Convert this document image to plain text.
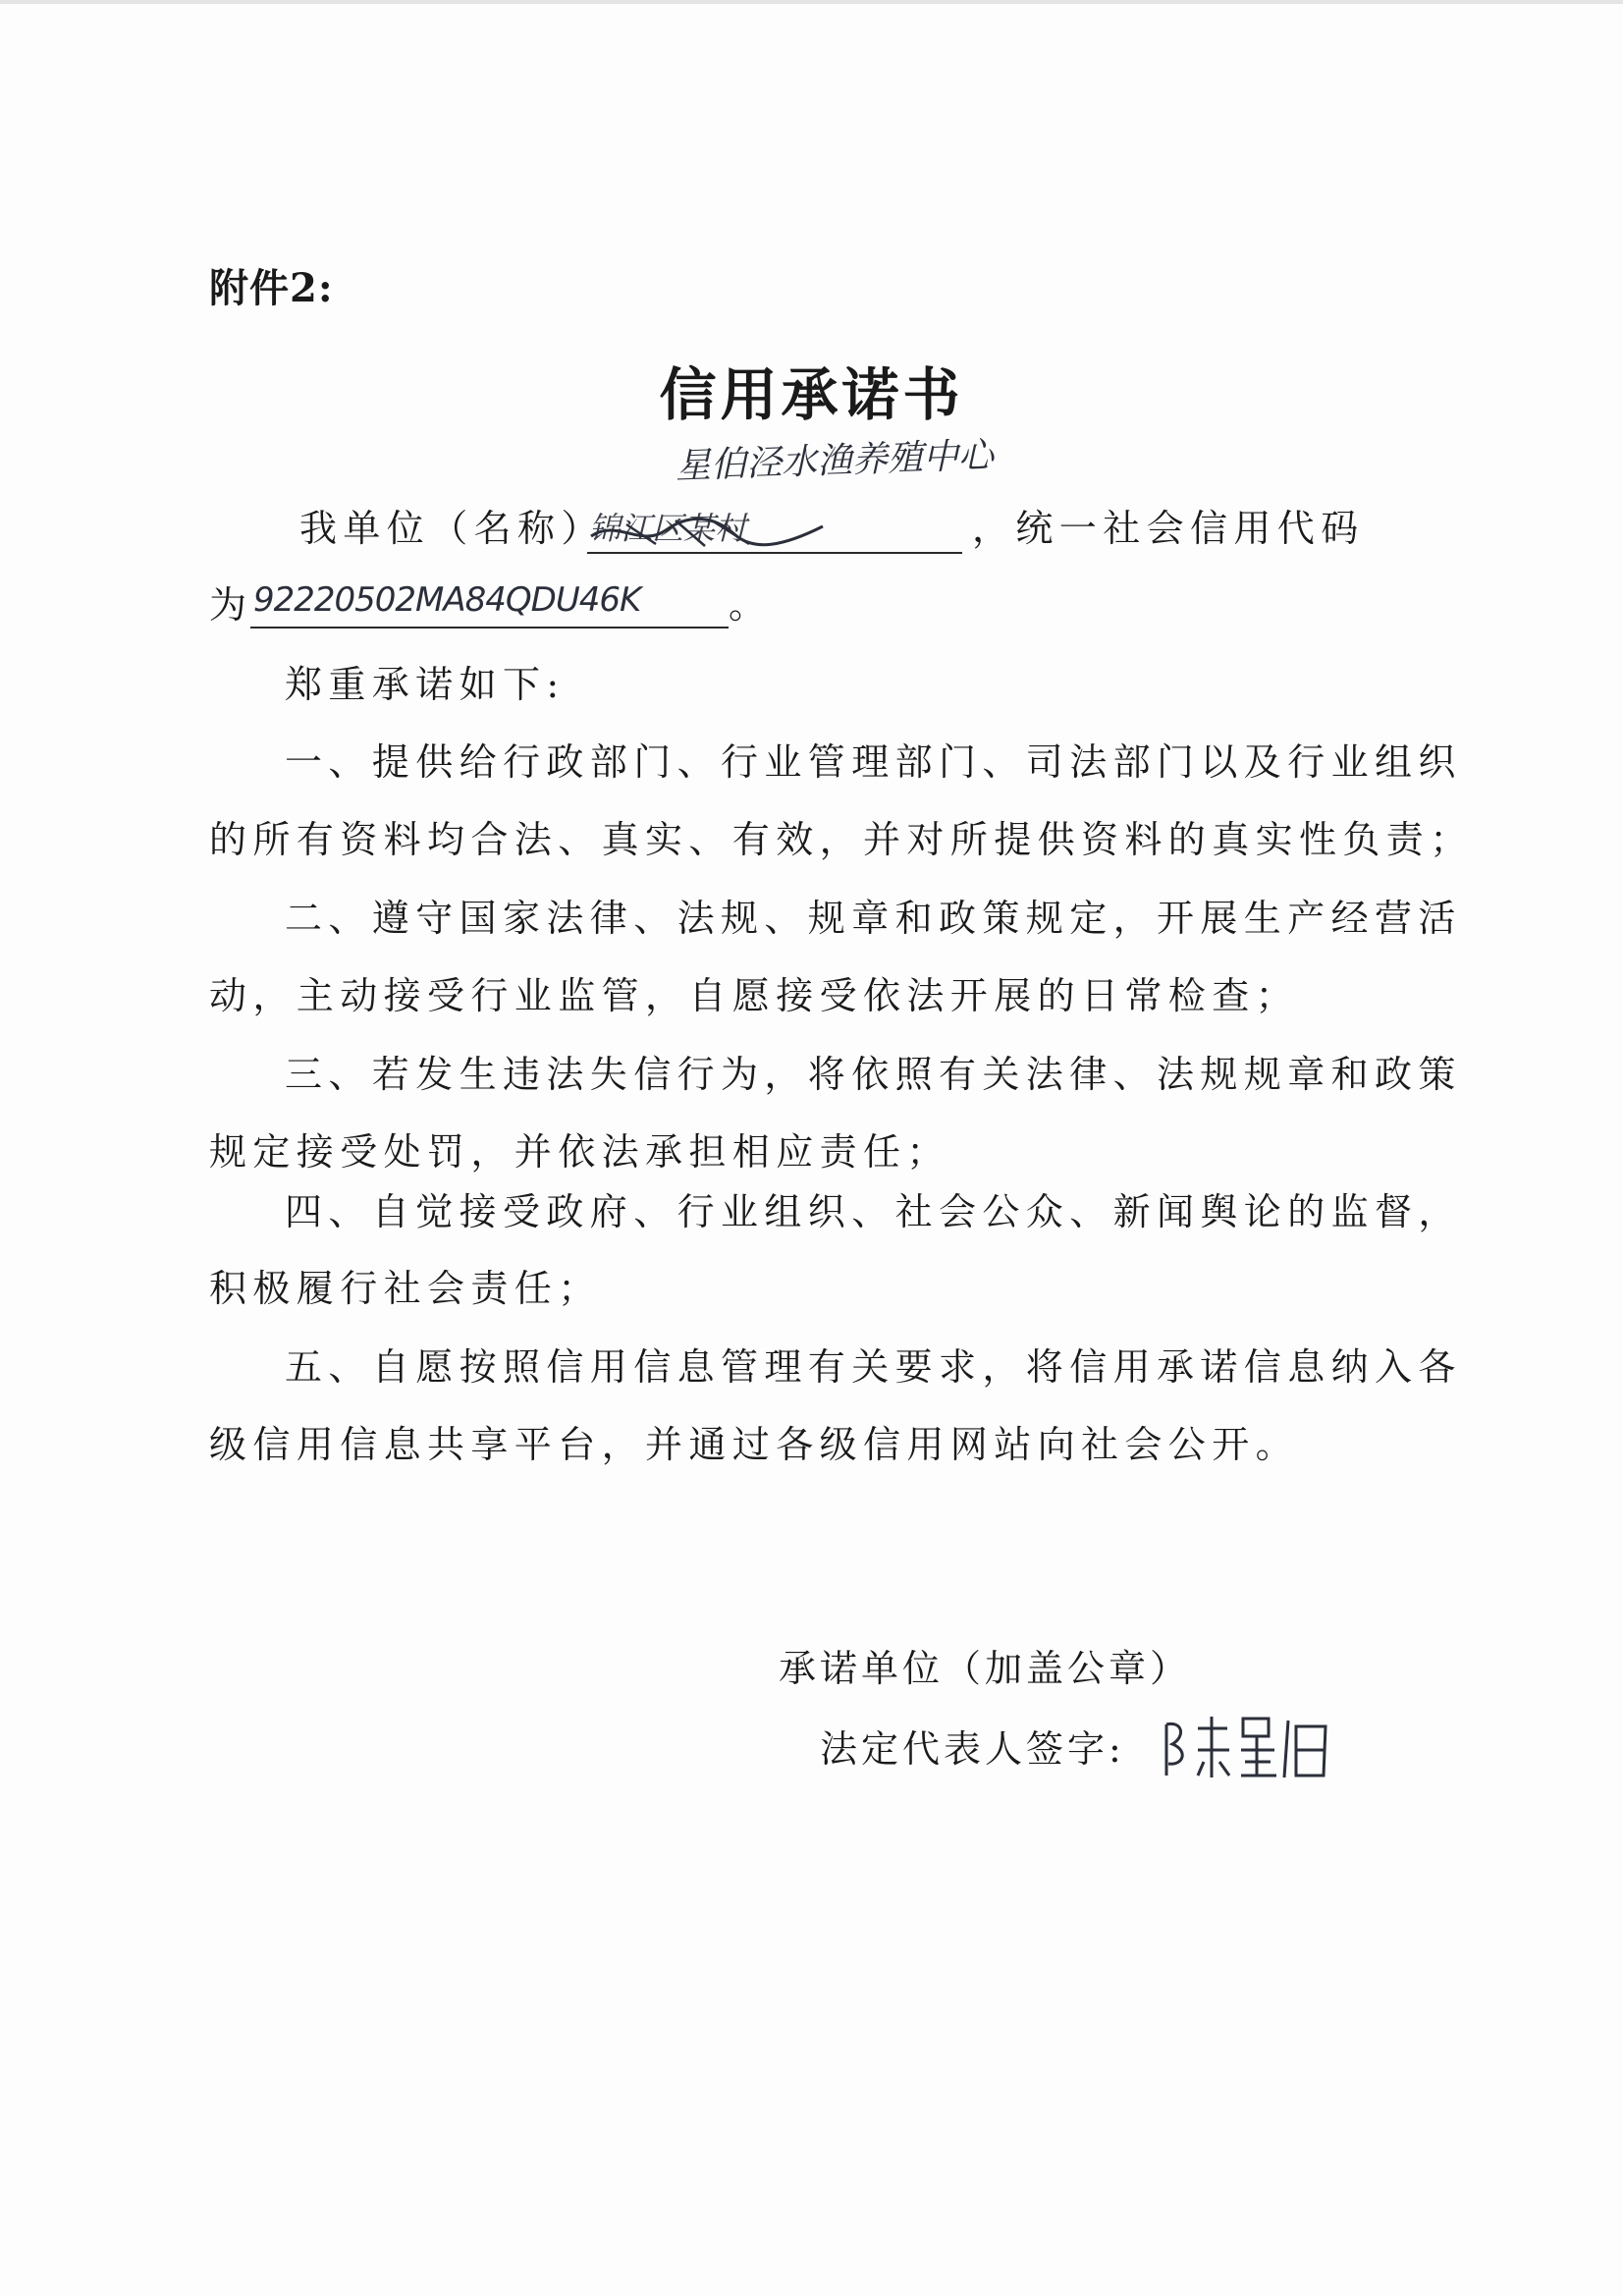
附件2:
信用承诺书
星伯泾水渔养殖中心
我单位（名称）
锦江区某村	，统一社会信用代码
为 92220502MA84QDU46K 。
郑重承诺如下:
一、提供给行政部门、行业管理部门、司法部门以及行业组织
的所有资料均合法、真实、有效，并对所提供资料的真实性负责；
二、遵守国家法律、法规、规章和政策规定，开展生产经营活
动，主动接受行业监管，自愿接受依法开展的日常检查；
三、若发生违法失信行为，将依照有关法律、法规规章和政策
规定接受处罚，并依法承担相应责任；
四、自觉接受政府、行业组织、社会公众、新闻舆论的监督，
积极履行社会责任；
五、自愿按照信用信息管理有关要求，将信用承诺信息纳入各
级信用信息共享平台，并通过各级信用网站向社会公开。
承诺单位（加盖公章）
法定代表人签字:
